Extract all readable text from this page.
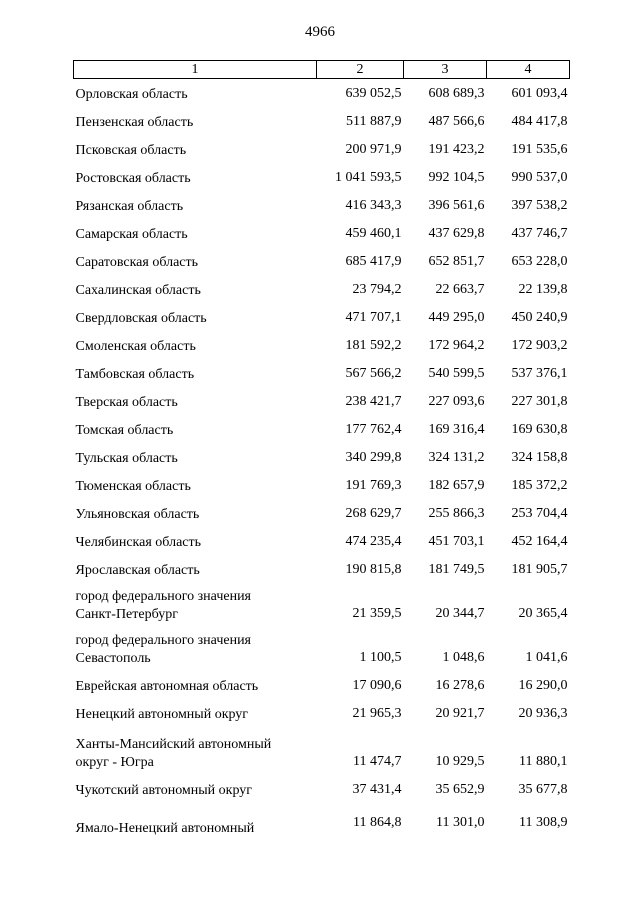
4966
1	2	3	4
Орловская область	639 052,5	608 689,3	601 093,4
Пензенская область	511 887,9	487 566,6	484 417,8
Псковская область	200 971,9	191 423,2	191 535,6
Ростовская область	1 041 593,5	992 104,5	990 537,0
Рязанская область	416 343,3	396 561,6	397 538,2
Самарская область	459 460,1	437 629,8	437 746,7
Саратовская область	685 417,9	652 851,7	653 228,0
Сахалинская область	23 794,2	22 663,7	22 139,8
Свердловская область	471 707,1	449 295,0	450 240,9
Смоленская область	181 592,2	172 964,2	172 903,2
Тамбовская область	567 566,2	540 599,5	537 376,1
Тверская область	238 421,7	227 093,6	227 301,8
Томская область	177 762,4	169 316,4	169 630,8
Тульская область	340 299,8	324 131,2	324 158,8
Тюменская область	191 769,3	182 657,9	185 372,2
Ульяновская область	268 629,7	255 866,3	253 704,4
Челябинская область	474 235,4	451 703,1	452 164,4
Ярославская область	190 815,8	181 749,5	181 905,7
город федерального значения
Санкт-Петербург	21 359,5	20 344,7	20 365,4
город федерального значения
Севастополь	1 100,5	1 048,6	1 041,6
Еврейская автономная область	17 090,6	16 278,6	16 290,0
Ненецкий автономный округ	21 965,3	20 921,7	20 936,3
Ханты-Мансийский автономный
округ - Югра	11 474,7	10 929,5	11 880,1
Чукотский автономный округ	37 431,4	35 652,9	35 677,8
Ямало-Ненецкий автономный	11 864,8	11 301,0	11 308,9
